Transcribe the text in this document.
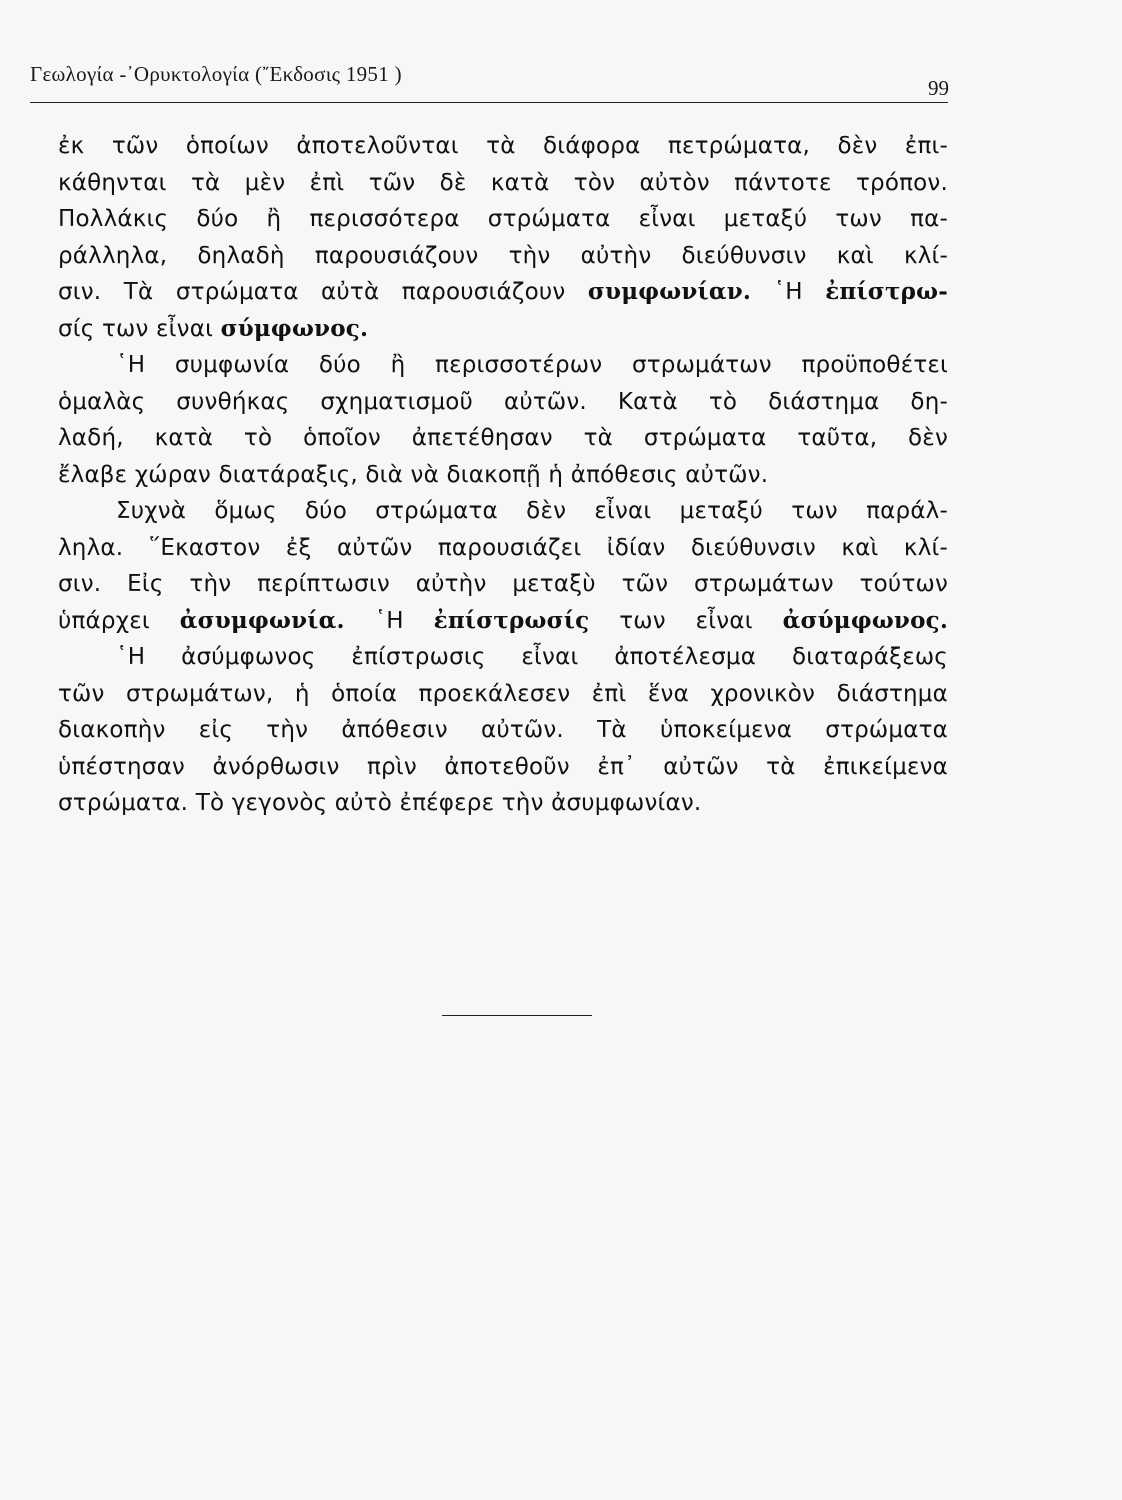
Γεωλογία -᾿Ορυκτολογία (῎Εκδοσις 1951 )
99
ἐκ τῶν ὁποίων ἀποτελοῦνται τὰ διάφορα πετρώματα, δὲν ἐπι-
κάθηνται τὰ μὲν ἐπὶ τῶν δὲ κατὰ τὸν αὐτὸν πάντοτε τρόπον.
Πολλάκις δύο ἢ περισσότερα στρώματα εἶναι μεταξύ των πα-
ράλληλα, δηλαδὴ παρουσιάζουν τὴν αὐτὴν διεύθυνσιν καὶ κλί-
σιν. Τὰ στρώματα αὐτὰ παρουσιάζουν συμφωνίαν. ῾Η ἐπίστρω-
σίς των εἶναι σύμφωνος.
῾Η συμφωνία δύο ἢ περισσοτέρων στρωμάτων προϋποθέτει
ὁμαλὰς συνθήκας σχηματισμοῦ αὐτῶν. Κατὰ τὸ διάστημα δη-
λαδή, κατὰ τὸ ὁποῖον ἀπετέθησαν τὰ στρώματα ταῦτα, δὲν
ἔλαβε χώραν διατάραξις, διὰ νὰ διακοπῇ ἡ ἀπόθεσις αὐτῶν.
Συχνὰ ὅμως δύο στρώματα δὲν εἶναι μεταξύ των παράλ-
ληλα. ῞Εκαστον ἐξ αὐτῶν παρουσιάζει ἰδίαν διεύθυνσιν καὶ κλί-
σιν. Εἰς τὴν περίπτωσιν αὐτὴν μεταξὺ τῶν στρωμάτων τούτων
ὑπάρχει ἀσυμφωνία. ῾Η ἐπίστρωσίς των εἶναι ἀσύμφωνος.
῾Η ἀσύμφωνος ἐπίστρωσις εἶναι ἀποτέλεσμα διαταράξεως
τῶν στρωμάτων, ἡ ὁποία προεκάλεσεν ἐπὶ ἕνα χρονικὸν διάστημα
διακοπὴν εἰς τὴν ἀπόθεσιν αὐτῶν. Τὰ ὑποκείμενα στρώματα
ὑπέστησαν ἀνόρθωσιν πρὶν ἀποτεθοῦν ἐπ᾿ αὐτῶν τὰ ἐπικείμενα
στρώματα. Τὸ γεγονὸς αὐτὸ ἐπέφερε τὴν ἀσυμφωνίαν.
